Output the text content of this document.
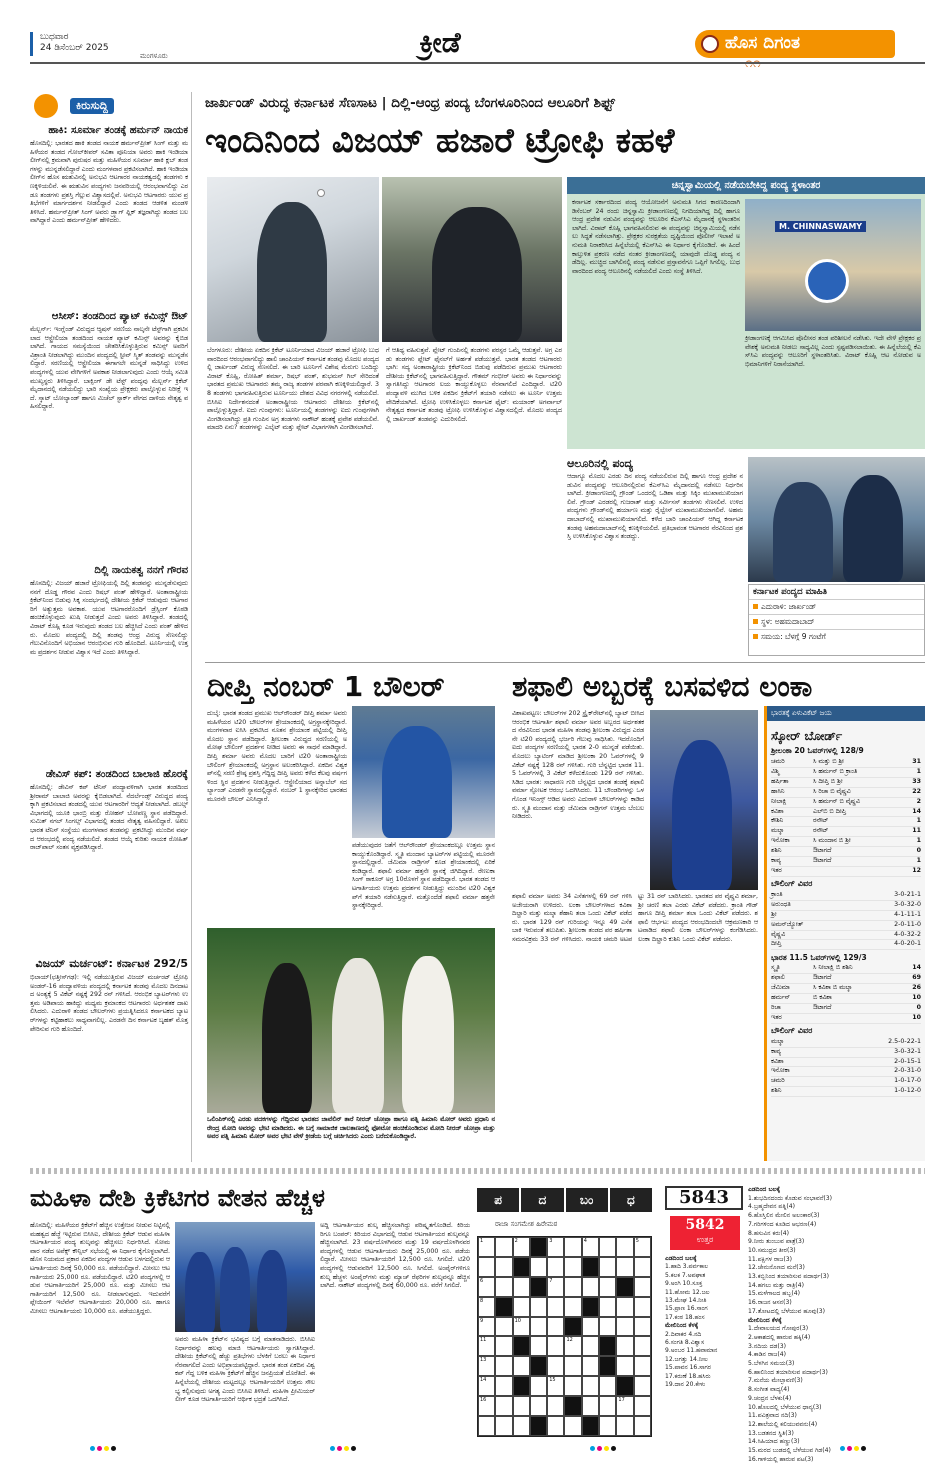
ಬುಧವಾರ
24 ಡಿಸೆಂಬರ್ 2025
ಮಂಗಳೂರು	ಕ್ರೀಡೆ	ಹೊಸ ದಿಗಂತ
ಕಿರುಸುದ್ದಿ
ಹಾಕಿ: ಸೂರ್ಮಾ ತಂಡಕ್ಕೆ ಹರ್ಮನ್ ನಾಯಕ
ಹೊಸದಿಲ್ಲಿ: ಭಾರತದ ಹಾಕಿ ತಂಡದ ನಾಯಕ ಹರ್ಮನ್‌ಪ್ರೀತ್ ಸಿಂಗ್ ಮತ್ತು ಮಹಿಳೆಯರ ತಂಡದ ಗೋಲ್‌ಕೀಪರ್ ಸವಿತಾ ಪೂನಿಯಾ ಅವರು ಹಾಕಿ ಇಂಡಿಯಾ ಲೀಗ್‌ನಲ್ಲಿ ಕ್ರಮವಾಗಿ ಪುರುಷರ ಮತ್ತು ಮಹಿಳೆಯರ ಸೂರ್ಮಾ ಹಾಕಿ ಕ್ಲಬ್ ತಂಡಗಳನ್ನು ಮುನ್ನಡೆಸಲಿದ್ದಾರೆ ಎಂದು ಮಂಗಳವಾರ ಪ್ರಕಟಿಸಲಾಗಿದೆ. ಹಾಕಿ ಇಂಡಿಯಾ ಲೀಗ್‌ನ ಹೊಸ ಋತುವಿನಲ್ಲಿ ಅನುಭವಿ ಆಟಗಾರರ ನಾಯಕತ್ವದಲ್ಲಿ ತಂಡಗಳು ಕಣಕ್ಕಿಳಿಯಲಿವೆ. ಈ ಋತುವಿನ ಪಂದ್ಯಗಳು ಜನವರಿಯಲ್ಲಿ ಆರಂಭವಾಗಲಿದ್ದು ಎರಡೂ ತಂಡಗಳು ಪ್ರಶಸ್ತಿ ಗೆಲ್ಲುವ ವಿಶ್ವಾಸದಲ್ಲಿವೆ. ಅನುಭವಿ ಆಟಗಾರರು ಯುವ ಪ್ರತಿಭೆಗಳಿಗೆ ಮಾರ್ಗದರ್ಶನ ನೀಡಲಿದ್ದಾರೆ ಎಂದು ತಂಡದ ಆಡಳಿತ ಮಂಡಳಿ ತಿಳಿಸಿದೆ. ಹರ್ಮನ್‌ಪ್ರೀತ್ ಸಿಂಗ್ ಅವರು ಡ್ರ್ಯಾಗ್ ಫ್ಲಿಕ್ ತಜ್ಞರಾಗಿದ್ದು ತಂಡದ ಬಲವಾಗಿದ್ದಾರೆ ಎಂದು ಹರ್ಮನ್‌ಪ್ರೀತ್ ಹೇಳಿದರು.
ಆಸೀಸ್: ತಂಡದಿಂದ ಪ್ಯಾಟ್ ಕಮಿನ್ಸ್ ಔಟ್
ಮೆಲ್ಬರ್ನ್: ಇಂಗ್ಲೆಂಡ್ ವಿರುದ್ಧದ ಆ್ಯಷಸ್ ಸರಣಿಯ ನಾಲ್ಕನೇ ಟೆಸ್ಟ್‌ಗಾಗಿ ಪ್ರಕಟಿಸಲಾದ ಆಸ್ಟ್ರೇಲಿಯಾ ತಂಡದಿಂದ ನಾಯಕ ಪ್ಯಾಟ್ ಕಮಿನ್ಸ್ ಅವರನ್ನು ಕೈಬಿಡಲಾಗಿದೆ. ಗಾಯದ ಸಮಸ್ಯೆಯಿಂದ ಚೇತರಿಸಿಕೊಳ್ಳುತ್ತಿರುವ ಕಮಿನ್ಸ್ ಅವರಿಗೆ ವಿಶ್ರಾಂತಿ ನೀಡಲಾಗಿದ್ದು ಮುಂದಿನ ಪಂದ್ಯದಲ್ಲಿ ಸ್ಟೀವ್ ಸ್ಮಿತ್ ತಂಡವನ್ನು ಮುನ್ನಡೆಸಲಿದ್ದಾರೆ. ಸರಣಿಯಲ್ಲಿ ಆಸ್ಟ್ರೇಲಿಯಾ ಈಗಾಗಲೇ ಮುನ್ನಡೆ ಸಾಧಿಸಿದ್ದು ಉಳಿದ ಪಂದ್ಯಗಳಲ್ಲಿ ಯುವ ವೇಗಿಗಳಿಗೆ ಅವಕಾಶ ನೀಡಲಾಗುವುದು ಎಂದು ಆಯ್ಕೆ ಸಮಿತಿ ಮುಖ್ಯಸ್ಥರು ತಿಳಿಸಿದ್ದಾರೆ. ಬಾಕ್ಸಿಂಗ್ ಡೇ ಟೆಸ್ಟ್ ಪಂದ್ಯವು ಮೆಲ್ಬರ್ನ್ ಕ್ರಿಕೆಟ್ ಮೈದಾನದಲ್ಲಿ ನಡೆಯಲಿದ್ದು ಭಾರಿ ಸಂಖ್ಯೆಯ ಪ್ರೇಕ್ಷಕರು ಪಾಲ್ಗೊಳ್ಳುವ ನಿರೀಕ್ಷೆ ಇದೆ. ಸ್ಕಾಟ್ ಬೋಲ್ಯಾಂಡ್ ಹಾಗೂ ಮಿಚೆಲ್ ಸ್ಟಾರ್ಕ್ ವೇಗದ ದಾಳಿಯ ನೇತೃತ್ವ ವಹಿಸಲಿದ್ದಾರೆ.
ದಿಲ್ಲಿ ನಾಯಕತ್ವ ನನಗೆ ಗೌರವ
ಹೊಸದಿಲ್ಲಿ: ವಿಜಯ್ ಹಜಾರೆ ಟ್ರೋಫಿಯಲ್ಲಿ ದಿಲ್ಲಿ ತಂಡವನ್ನು ಮುನ್ನಡೆಸುವುದು ನನಗೆ ದೊಡ್ಡ ಗೌರವ ಎಂದು ರಿಷಭ್ ಪಂತ್ ಹೇಳಿದ್ದಾರೆ. ಅಂತಾರಾಷ್ಟ್ರೀಯ ಕ್ರಿಕೆಟ್‌ನಿಂದ ಬಿಡುವು ಸಿಕ್ಕ ಸಂದರ್ಭದಲ್ಲಿ ದೇಶೀಯ ಕ್ರಿಕೆಟ್ ಆಡುವುದು ಆಟಗಾರರಿಗೆ ಅತ್ಯುತ್ತಮ ಅವಕಾಶ. ಯುವ ಆಟಗಾರರೊಂದಿಗೆ ಡ್ರೆಸ್ಸಿಂಗ್ ಕೊಠಡಿ ಹಂಚಿಕೊಳ್ಳುವುದು ಖುಷಿ ನೀಡುತ್ತದೆ ಎಂದು ಅವರು ತಿಳಿಸಿದ್ದಾರೆ. ತಂಡದಲ್ಲಿ ವಿರಾಟ್ ಕೊಹ್ಲಿ ಕೂಡ ಇರುವುದು ತಂಡದ ಬಲ ಹೆಚ್ಚಿಸಿದೆ ಎಂದು ಪಂತ್ ಹೇಳಿದರು. ಮೊದಲ ಪಂದ್ಯದಲ್ಲಿ ದಿಲ್ಲಿ ತಂಡವು ಆಂಧ್ರ ವಿರುದ್ಧ ಸೆಣಸಲಿದ್ದು ಗೆಲುವಿನೊಂದಿಗೆ ಅಭಿಯಾನ ಆರಂಭಿಸುವ ಗುರಿ ಹೊಂದಿದೆ. ಟೂರ್ನಿಯಲ್ಲಿ ಉತ್ತಮ ಪ್ರದರ್ಶನ ನೀಡುವ ವಿಶ್ವಾಸ ಇದೆ ಎಂದು ತಿಳಿಸಿದ್ದಾರೆ.
ಡೇವಿಸ್ ಕಪ್: ತಂಡದಿಂದ ಬಾಲಾಜಿ ಹೊರಕ್ಕೆ
ಹೊಸದಿಲ್ಲಿ: ಡೇವಿಸ್ ಕಪ್ ಟೆನಿಸ್ ಪಂದ್ಯಾವಳಿಗಾಗಿ ಭಾರತ ತಂಡದಿಂದ ಶ್ರೀರಾಮ್ ಬಾಲಾಜಿ ಅವರನ್ನು ಕೈಬಿಡಲಾಗಿದೆ. ನೆದರ್ಲೆಂಡ್ಸ್ ವಿರುದ್ಧದ ಪಂದ್ಯಕ್ಕಾಗಿ ಪ್ರಕಟಿಸಲಾದ ತಂಡದಲ್ಲಿ ಯುವ ಆಟಗಾರರಿಗೆ ಆದ್ಯತೆ ನೀಡಲಾಗಿದೆ. ಡಬಲ್ಸ್ ವಿಭಾಗದಲ್ಲಿ ಯೂಕಿ ಭಾಂಬ್ರಿ ಮತ್ತು ರೋಹನ್ ಬೋಪಣ್ಣ ಸ್ಥಾನ ಪಡೆದಿದ್ದಾರೆ. ಸುಮಿತ್ ನಗಲ್ ಸಿಂಗಲ್ಸ್ ವಿಭಾಗದಲ್ಲಿ ತಂಡದ ನೇತೃತ್ವ ವಹಿಸಲಿದ್ದಾರೆ. ಅಖಿಲ ಭಾರತ ಟೆನಿಸ್ ಸಂಸ್ಥೆಯು ಮಂಗಳವಾರ ತಂಡವನ್ನು ಪ್ರಕಟಿಸಿದ್ದು ಮುಂದಿನ ವರ್ಷದ ಆರಂಭದಲ್ಲಿ ಪಂದ್ಯ ನಡೆಯಲಿದೆ. ತಂಡದ ಆಯ್ಕೆ ಕುರಿತು ನಾಯಕ ರೋಹಿತ್ ರಾಜ್‌ಪಾಲ್ ಸಂತಸ ವ್ಯಕ್ತಪಡಿಸಿದ್ದಾರೆ.
ವಿಜಯ್ ಮರ್ಚಂಟ್: ಕರ್ನಾಟಕ 292/5
ಭಿಲಾಯ್(ಛತ್ತೀಸ್‌ಗಢ): ಇಲ್ಲಿ ನಡೆಯುತ್ತಿರುವ ವಿಜಯ್ ಮರ್ಚಂಟ್ ಟ್ರೋಫಿ ಅಂಡರ್-16 ಪಂದ್ಯಾವಳಿಯ ಪಂದ್ಯದಲ್ಲಿ ಕರ್ನಾಟಕ ತಂಡವು ಮೊದಲ ದಿನದಾಟದ ಅಂತ್ಯಕ್ಕೆ 5 ವಿಕೆಟ್ ನಷ್ಟಕ್ಕೆ 292 ರನ್ ಗಳಿಸಿದೆ. ಆರಂಭಿಕ ಬ್ಯಾಟರ್‌ಗಳು ಉತ್ತಮ ಅಡಿಪಾಯ ಹಾಕಿದ್ದು ಮಧ್ಯಮ ಕ್ರಮಾಂಕದ ಆಟಗಾರರು ಅರ್ಧಶತಕ ದಾಖಲಿಸಿದರು. ಎದುರಾಳಿ ತಂಡದ ಬೌಲರ್‌ಗಳು ಪ್ರಯತ್ನಿಸಿದರೂ ಕರ್ನಾಟಕದ ಬ್ಯಾಟರ್‌ಗಳನ್ನು ಕಟ್ಟಿಹಾಕಲು ಸಾಧ್ಯವಾಗಲಿಲ್ಲ. ಎರಡನೇ ದಿನ ಕರ್ನಾಟಕ ಬೃಹತ್ ಮೊತ್ತ ಪೇರಿಸುವ ಗುರಿ ಹೊಂದಿದೆ.
ಜಾರ್ಖಂಡ್ ವಿರುದ್ಧ ಕರ್ನಾಟಕ ಸೆಣಸಾಟ | ದಿಲ್ಲಿ-ಆಂಧ್ರ ಪಂದ್ಯ ಬೆಂಗಳೂರಿನಿಂದ ಆಲೂರಿಗೆ ಶಿಫ್ಟ್
ಇಂದಿನಿಂದ ವಿಜಯ್ ಹಜಾರೆ ಟ್ರೋಫಿ ಕಹಳೆ
ಬೆಂಗಳೂರು: ದೇಶೀಯ ಏಕದಿನ ಕ್ರಿಕೆಟ್ ಟೂರ್ನಿಯಾದ ವಿಜಯ್ ಹಜಾರೆ ಟ್ರೋಫಿ ಬುಧವಾರದಿಂದ ಆರಂಭವಾಗಲಿದ್ದು ಹಾಲಿ ಚಾಂಪಿಯನ್ ಕರ್ನಾಟಕ ತಂಡವು ಮೊದಲ ಪಂದ್ಯದಲ್ಲಿ ಜಾರ್ಖಂಡ್ ವಿರುದ್ಧ ಸೆಣಸಲಿದೆ. ಈ ಬಾರಿ ಟೂರ್ನಿಗೆ ವಿಶೇಷ ಮೆರುಗು ಬಂದಿದ್ದು ವಿರಾಟ್ ಕೊಹ್ಲಿ, ರೋಹಿತ್ ಶರ್ಮಾ, ರಿಷಭ್ ಪಂತ್, ಶುಭಮನ್ ಗಿಲ್ ಸೇರಿದಂತೆ ಭಾರತದ ಪ್ರಮುಖ ಆಟಗಾರರು ತಮ್ಮ ರಾಜ್ಯ ತಂಡಗಳ ಪರವಾಗಿ ಕಣಕ್ಕಿಳಿಯಲಿದ್ದಾರೆ. 38 ತಂಡಗಳು ಭಾಗವಹಿಸುತ್ತಿರುವ ಟೂರ್ನಿಯು ದೇಶದ ವಿವಿಧ ನಗರಗಳಲ್ಲಿ ನಡೆಯಲಿದೆ. ಬಿಸಿಸಿಐ ನಿರ್ದೇಶನದಂತೆ ಅಂತಾರಾಷ್ಟ್ರೀಯ ಆಟಗಾರರು ದೇಶೀಯ ಕ್ರಿಕೆಟ್‌ನಲ್ಲಿ ಪಾಲ್ಗೊಳ್ಳುತ್ತಿದ್ದಾರೆ. ಐದು ಗುಂಪುಗಳು: ಟೂರ್ನಿಯಲ್ಲಿ ತಂಡಗಳನ್ನು ಐದು ಗುಂಪುಗಳಾಗಿ ವಿಂಗಡಿಸಲಾಗಿದ್ದು ಪ್ರತಿ ಗುಂಪಿನ ಅಗ್ರ ತಂಡಗಳು ನಾಕೌಟ್ ಹಂತಕ್ಕೆ ಪ್ರವೇಶ ಪಡೆಯಲಿವೆ. ಮಾದರಿ ಏನು? ತಂಡಗಳನ್ನು ಎಲೈಟ್ ಮತ್ತು ಪ್ಲೇಟ್ ವಿಭಾಗಗಳಾಗಿ ವಿಂಗಡಿಸಲಾಗಿದೆ.
ಗೆ ಆತಿಥ್ಯ ವಹಿಸುತ್ತವೆ. ಪ್ಲೇಟ್ ಗುಂಪಿನಲ್ಲಿ ತಂಡಗಳು ಪರಸ್ಪರ ಒಮ್ಮೆ ಆಡುತ್ತವೆ. ಅಗ್ರ ಎರಡು ತಂಡಗಳು ಪ್ಲೇಟ್ ಫೈನಲ್‌ಗೆ ಅರ್ಹತೆ ಪಡೆಯುತ್ತವೆ. ಭಾರತ ತಂಡದ ಆಟಗಾರರು ಭಾಗಿ: ಸದ್ಯ ಅಂತಾರಾಷ್ಟ್ರೀಯ ಕ್ರಿಕೆಟ್‌ನಿಂದ ಬಿಡುವು ಪಡೆದಿರುವ ಪ್ರಮುಖ ಆಟಗಾರರು ದೇಶೀಯ ಕ್ರಿಕೆಟ್‌ನಲ್ಲಿ ಭಾಗವಹಿಸುತ್ತಿದ್ದಾರೆ. ಗೌತಮ್ ಗಂಭೀರ್ ಅವರು ಈ ನಿರ್ಧಾರವನ್ನು ಸ್ವಾಗತಿಸಿದ್ದು ಆಟಗಾರರ ಲಯ ಕಾಯ್ದುಕೊಳ್ಳಲು ನೆರವಾಗಲಿದೆ ಎಂದಿದ್ದಾರೆ. ಟಿ20 ಪಂದ್ಯಾವಳಿ ಮುಗಿದ ಬಳಿಕ ಏಕದಿನ ಕ್ರಿಕೆಟ್‌ಗೆ ತಯಾರಿ ನಡೆಸಲು ಈ ಟೂರ್ನಿ ಉತ್ತಮ ವೇದಿಕೆಯಾಗಿದೆ. ಟ್ರೋಫಿ ಉಳಿಸಿಕೊಳ್ಳಲು ಕರ್ನಾಟಕ ಫೈಟ್: ಮಯಾಂಕ್ ಅಗರ್ವಾಲ್ ನೇತೃತ್ವದ ಕರ್ನಾಟಕ ತಂಡವು ಟ್ರೋಫಿ ಉಳಿಸಿಕೊಳ್ಳುವ ವಿಶ್ವಾಸದಲ್ಲಿದೆ. ಮೊದಲ ಪಂದ್ಯದಲ್ಲಿ ಜಾರ್ಖಂಡ್ ತಂಡವನ್ನು ಎದುರಿಸಲಿದೆ.
ಚಿನ್ನಸ್ವಾಮಿಯಲ್ಲಿ ನಡೆಯಬೇಕಿದ್ದ ಪಂದ್ಯ ಸ್ಥಳಾಂತರ
ಕರ್ನಾಟಕ ಸರ್ಕಾರದಿಂದ ಪಂದ್ಯ ಆಯೋಜನೆಗೆ ಅನುಮತಿ ಸಿಗದ ಕಾರಣದಿಂದಾಗಿ ಡಿಸೆಂಬರ್ 24 ರಂದು ಚಿನ್ನಸ್ವಾಮಿ ಕ್ರೀಡಾಂಗಣದಲ್ಲಿ ನಿಗದಿಯಾಗಿದ್ದ ದಿಲ್ಲಿ ಹಾಗೂ ಆಂಧ್ರ ಪ್ರದೇಶ ನಡುವಿನ ಪಂದ್ಯವನ್ನು ಆಲೂರಿನ ಕೆಎಸ್‌ಸಿಎ ಮೈದಾನಕ್ಕೆ ಸ್ಥಳಾಂತರಿಸಲಾಗಿದೆ. ವಿರಾಟ್ ಕೊಹ್ಲಿ ಭಾಗವಹಿಸಲಿರುವ ಈ ಪಂದ್ಯವನ್ನು ಚಿನ್ನಸ್ವಾಮಿಯಲ್ಲಿ ನಡೆಸಲು ಸಿದ್ಧತೆ ನಡೆಸಲಾಗಿತ್ತು. ಪ್ರೇಕ್ಷಕರ ಸುರಕ್ಷತೆಯ ದೃಷ್ಟಿಯಿಂದ ಪೊಲೀಸ್ ಇಲಾಖೆ ಅನುಮತಿ ನಿರಾಕರಿಸಿದ ಹಿನ್ನೆಲೆಯಲ್ಲಿ ಕೆಎಸ್‌ಸಿಎ ಈ ನಿರ್ಧಾರ ಕೈಗೊಂಡಿದೆ. ಈ ಹಿಂದೆ ಕಾಲ್ತುಳಿತ ಪ್ರಕರಣ ನಡೆದ ನಂತರ ಕ್ರೀಡಾಂಗಣದಲ್ಲಿ ಯಾವುದೇ ದೊಡ್ಡ ಪಂದ್ಯ ನಡೆದಿಲ್ಲ. ಮುಚ್ಚಿದ ಬಾಗಿಲಿನಲ್ಲಿ ಪಂದ್ಯ ನಡೆಸುವ ಪ್ರಸ್ತಾವನೆಗೂ ಒಪ್ಪಿಗೆ ಸಿಗಲಿಲ್ಲ. ಬುಧವಾರದಿಂದ ಪಂದ್ಯ ಆಲೂರಿನಲ್ಲಿ ನಡೆಯಲಿದೆ ಎಂದು ಸಂಸ್ಥೆ ತಿಳಿಸಿದೆ.
M. CHINNASWAMY
ಕ್ರೀಡಾಂಗಣಕ್ಕೆ ಆಗಮಿಸಿದ ಪೊಲೀಸರ ತಂಡ ಪರಿಶೀಲನೆ ನಡೆಸಿತು. ಇದೇ ವೇಳೆ ಪ್ರೇಕ್ಷಕರ ಪ್ರವೇಶಕ್ಕೆ ಅನುಮತಿ ನೀಡಲು ಸಾಧ್ಯವಿಲ್ಲ ಎಂದು ಸ್ಪಷ್ಟಪಡಿಸಲಾಯಿತು. ಈ ಹಿನ್ನೆಲೆಯಲ್ಲಿ ಕೆಎಸ್‌ಸಿಎ ಪಂದ್ಯವನ್ನು ಆಲೂರಿಗೆ ಸ್ಥಳಾಂತರಿಸಿತು. ವಿರಾಟ್ ಕೊಹ್ಲಿ ಆಟ ನೋಡುವ ಅಭಿಮಾನಿಗಳಿಗೆ ನಿರಾಸೆಯಾಗಿದೆ.
ಆಲೂರಿನಲ್ಲಿ ಪಂದ್ಯ
ಆದಾಗ್ಯೂ ಮೊದಲ ಎರಡು ದಿನ ಪಂದ್ಯ ನಡೆಯಲಿರುವ ದಿಲ್ಲಿ ಹಾಗೂ ಆಂಧ್ರ ಪ್ರದೇಶ ನಡುವಿನ ಪಂದ್ಯವನ್ನು ಆಲೂರಿನಲ್ಲಿರುವ ಕೆಎಸ್‌ಸಿಎ ಮೈದಾನದಲ್ಲಿ ನಡೆಸಲು ನಿರ್ಧರಿಸಲಾಗಿದೆ. ಕ್ರೀಡಾಂಗಣದಲ್ಲಿ ಗ್ರೌಂಡ್ ಒಂದರಲ್ಲಿ ಒಡಿಶಾ ಮತ್ತು ಸಿಕ್ಕಿಂ ಮುಖಾಮುಖಿಯಾಗಲಿವೆ. ಗ್ರೌಂಡ್ ಎರಡರಲ್ಲಿ ಗುಜರಾತ್ ಮತ್ತು ಸರ್ವೀಸಸ್ ತಂಡಗಳು ಸೆಣಸಲಿವೆ. ಉಳಿದ ಪಂದ್ಯಗಳು ಗ್ರೌಂಡ್‌ನಲ್ಲಿ ಹರ್ಯಾಣ ಮತ್ತು ರೈಲ್ವೇಸ್ ಮುಖಾಮುಖಿಯಾಗಲಿವೆ. ಅಹಮದಾಬಾದ್‌ನಲ್ಲಿ ಮುಖಾಮುಖಿಯಾಗಲಿದೆ. ಕಳೆದ ಬಾರಿ ಚಾಂಪಿಯನ್ ಆಗಿದ್ದ ಕರ್ನಾಟಕ ತಂಡವು ಅಹಮದಾಬಾದ್‌ನಲ್ಲಿ ಕಣಕ್ಕಿಳಿಯಲಿದೆ. ಪ್ರತಿಭಾವಂತ ಆಟಗಾರರ ನೆರವಿನಿಂದ ಪ್ರಶಸ್ತಿ ಉಳಿಸಿಕೊಳ್ಳುವ ವಿಶ್ವಾಸ ತಂಡದ್ದು.
ಕರ್ನಾಟಕ ಪಂದ್ಯದ ಮಾಹಿತಿ
ಎದುರಾಳಿ: ಜಾರ್ಖಂಡ್
ಸ್ಥಳ: ಅಹಮದಾಬಾದ್
ಸಮಯ: ಬೆಳಗ್ಗೆ 9 ಗಂಟೆಗೆ
ದೀಪ್ತಿ ನಂಬರ್ 1 ಬೌಲರ್
ದುಬೈ: ಭಾರತ ತಂಡದ ಪ್ರಮುಖ ಆಲ್‌ರೌಂಡರ್ ದೀಪ್ತಿ ಶರ್ಮಾ ಅವರು ಮಹಿಳೆಯರ ಟಿ20 ಬೌಲರ್‌ಗಳ ಶ್ರೇಯಾಂಕದಲ್ಲಿ ಅಗ್ರಸ್ಥಾನಕ್ಕೇರಿದ್ದಾರೆ. ಮಂಗಳವಾರ ಐಸಿಸಿ ಪ್ರಕಟಿಸಿದ ನೂತನ ಶ್ರೇಯಾಂಕ ಪಟ್ಟಿಯಲ್ಲಿ ದೀಪ್ತಿ ಮೊದಲ ಸ್ಥಾನ ಪಡೆದಿದ್ದಾರೆ. ಶ್ರೀಲಂಕಾ ವಿರುದ್ಧದ ಸರಣಿಯಲ್ಲಿ ಅಮೋಘ ಬೌಲಿಂಗ್ ಪ್ರದರ್ಶನ ನೀಡಿದ ಅವರು ಈ ಸಾಧನೆ ಮಾಡಿದ್ದಾರೆ. ದೀಪ್ತಿ ಶರ್ಮಾ ಅವರು ಮೊದಲ ಬಾರಿಗೆ ಟಿ20 ಅಂತಾರಾಷ್ಟ್ರೀಯ ಬೌಲಿಂಗ್ ಶ್ರೇಯಾಂಕದಲ್ಲಿ ಅಗ್ರಸ್ಥಾನ ಅಲಂಕರಿಸಿದ್ದಾರೆ. ಏಕದಿನ ವಿಶ್ವಕಪ್‌ನಲ್ಲಿ ಸರಣಿ ಶ್ರೇಷ್ಠ ಪ್ರಶಸ್ತಿ ಗೆದ್ದಿದ್ದ ದೀಪ್ತಿ ಅವರು ಕಳೆದ ಕೆಲವು ವರ್ಷಗಳಿಂದ ಸ್ಥಿರ ಪ್ರದರ್ಶನ ನೀಡುತ್ತಿದ್ದಾರೆ. ಆಸ್ಟ್ರೇಲಿಯಾದ ಅನ್ನಾಬೆಲ್ ಸದರ್ಲ್ಯಾಂಡ್ ಎರಡನೇ ಸ್ಥಾನದಲ್ಲಿದ್ದಾರೆ. ನಂಬರ್ 1 ಸ್ಥಾನಕ್ಕೇರಿದ ಭಾರತದ ಮೂರನೇ ಬೌಲರ್ ಎನಿಸಿದ್ದಾರೆ.
ಪಡೆಯುವುದರ ಜತೆಗೆ ಆಲ್‌ರೌಂಡರ್ ಶ್ರೇಯಾಂಕದಲ್ಲೂ ಉತ್ತಮ ಸ್ಥಾನ ಕಾಯ್ದುಕೊಂಡಿದ್ದಾರೆ. ಸ್ಮೃತಿ ಮಂದಾನ ಬ್ಯಾಟರ್‌ಗಳ ಪಟ್ಟಿಯಲ್ಲಿ ಮೂರನೇ ಸ್ಥಾನದಲ್ಲಿದ್ದಾರೆ. ಜೆಮಿಮಾ ರಾಡ್ರಿಗಸ್ ಕೂಡ ಶ್ರೇಯಾಂಕದಲ್ಲಿ ಏರಿಕೆ ಕಂಡಿದ್ದಾರೆ. ಶಫಾಲಿ ವರ್ಮಾ ಹತ್ತನೇ ಸ್ಥಾನಕ್ಕೆ ಜಿಗಿದಿದ್ದಾರೆ. ರೇಣುಕಾ ಸಿಂಗ್ ಠಾಕೂರ್ ಅಗ್ರ 10ರೊಳಗೆ ಸ್ಥಾನ ಪಡೆದಿದ್ದಾರೆ. ಭಾರತ ತಂಡದ ಆಟಗಾರ್ತಿಯರು ಉತ್ತಮ ಪ್ರದರ್ಶನ ನೀಡುತ್ತಿದ್ದು ಮುಂದಿನ ಟಿ20 ವಿಶ್ವಕಪ್‌ಗೆ ತಯಾರಿ ನಡೆಸುತ್ತಿದ್ದಾರೆ. ಮತ್ತೊಂದೆಡೆ ಶಫಾಲಿ ವರ್ಮಾ ಹತ್ತನೇ ಸ್ಥಾನಕ್ಕೇರಿದ್ದಾರೆ.
ಒಲಿಂಪಿಕ್‌ನಲ್ಲಿ ಎರಡು ಪದಕಗಳನ್ನು ಗೆದ್ದಿರುವ ಭಾರತದ ಜಾವೆಲಿನ್ ತಾರೆ ನೀರಜ್ ಚೋಪ್ರಾ ಹಾಗೂ ಪತ್ನಿ ಹಿಮಾನಿ ಮೋರ್ ಅವರು ಪ್ರಧಾನಿ ನರೇಂದ್ರ ಮೋದಿ ಅವರನ್ನು ಭೇಟಿ ಮಾಡಿದರು. ಈ ಬಗ್ಗೆ ಸಾಮಾಜಿಕ ಜಾಲತಾಣದಲ್ಲಿ ಫೋಟೋ ಹಂಚಿಕೊಂಡಿರುವ ಮೋದಿ ನೀರಜ್ ಚೋಪ್ರಾ ಮತ್ತು ಅವರ ಪತ್ನಿ ಹಿಮಾನಿ ಮೋರ್ ಅವರ ಭೇಟಿ ವೇಳೆ ಕ್ರೀಡೆಯ ಬಗ್ಗೆ ಚರ್ಚಿಸಿದರು ಎಂದು ಬರೆದುಕೊಂಡಿದ್ದಾರೆ.
ಶಫಾಲಿ ಅಬ್ಬರಕ್ಕೆ ಬಸವಳಿದ ಲಂಕಾ
ವಿಶಾಖಪಟ್ಟಣ: ಬೌಲರ್‌ಗಳ 202 ಸ್ಟ್ರೈಕ್‌ರೇಟ್‌ನಲ್ಲಿ ಬ್ಯಾಟ್ ಬೀಸಿದ ಆರಂಭಿಕ ಆಟಗಾರ್ತಿ ಶಫಾಲಿ ವರ್ಮಾ ಅವರ ಅಬ್ಬರದ ಅರ್ಧಶತಕದ ನೆರವಿನಿಂದ ಭಾರತ ಮಹಿಳಾ ತಂಡವು ಶ್ರೀಲಂಕಾ ವಿರುದ್ಧದ ಎರಡನೇ ಟಿ20 ಪಂದ್ಯದಲ್ಲಿ ಭರ್ಜರಿ ಗೆಲುವು ಸಾಧಿಸಿತು. ಇದರೊಂದಿಗೆ ಐದು ಪಂದ್ಯಗಳ ಸರಣಿಯಲ್ಲಿ ಭಾರತ 2-0 ಮುನ್ನಡೆ ಪಡೆಯಿತು. ಮೊದಲು ಬ್ಯಾಟಿಂಗ್ ಮಾಡಿದ ಶ್ರೀಲಂಕಾ 20 ಓವರ್‌ಗಳಲ್ಲಿ 9 ವಿಕೆಟ್ ನಷ್ಟಕ್ಕೆ 128 ರನ್ ಗಳಿಸಿತು. ಗುರಿ ಬೆನ್ನಟ್ಟಿದ ಭಾರತ 11.5 ಓವರ್‌ಗಳಲ್ಲಿ 3 ವಿಕೆಟ್ ಕಳೆದುಕೊಂಡು 129 ರನ್ ಗಳಿಸಿತು. ಸಿಡಿದ ಭಾರತ: ಸಾಧಾರಣ ಗುರಿ ಬೆನ್ನಟ್ಟಿದ ಭಾರತ ತಂಡಕ್ಕೆ ಶಫಾಲಿ ವರ್ಮಾ ಸ್ಫೋಟಕ ಆರಂಭ ಒದಗಿಸಿದರು. 11 ಬೌಂಡರಿಗಳನ್ನು ಒಳಗೊಂಡ ಇನಿಂಗ್ಸ್ ಆಡಿದ ಅವರು ಎದುರಾಳಿ ಬೌಲರ್‌ಗಳನ್ನು ಕಾಡಿದರು. ಸ್ಮೃತಿ ಮಂದಾನ ಮತ್ತು ಜೆಮಿಮಾ ರಾಡ್ರಿಗಸ್ ಉತ್ತಮ ಬೆಂಬಲ ನೀಡಿದರು.
ಶಫಾಲಿ ವರ್ಮಾ ಅವರು 34 ಎಸೆತಗಳಲ್ಲಿ 69 ರನ್ ಗಳಿಸಿ ಅಜೇಯರಾಗಿ ಉಳಿದರು. ಲಂಕಾ ಬೌಲರ್‌ಗಳಾದ ಕವಿಶಾ ದಿಲ್ಹಾರಿ ಮತ್ತು ಮಲ್ಶಾ ಶೆಹಾನಿ ತಲಾ ಒಂದು ವಿಕೆಟ್ ಪಡೆದರು. ಭಾರತ 129 ರನ್ ಗುರಿಯನ್ನು ಇನ್ನೂ 49 ಎಸೆತ ಬಾಕಿ ಇರುವಂತೆ ತಲುಪಿತು. ಶ್ರೀಲಂಕಾ ತಂಡದ ಪರ ಹರ್ಷಿತಾ ಸಮರವಿಕ್ರಮ 33 ರನ್ ಗಳಿಸಿದರು. ನಾಯಕಿ ಚಮರಿ ಅಟಪಟ್ಟು 31 ರನ್ ಬಾರಿಸಿದರು. ಭಾರತದ ಪರ ವೈಷ್ಣವಿ ಶರ್ಮಾ, ಶ್ರೀ ಚರಣಿ ತಲಾ ಎರಡು ವಿಕೆಟ್ ಪಡೆದರು. ಕ್ರಾಂತಿ ಗೌಡ್ ಹಾಗೂ ದೀಪ್ತಿ ಶರ್ಮಾ ತಲಾ ಒಂದು ವಿಕೆಟ್ ಪಡೆದರು. ಶಫಾಲಿ ಆರ್ಭಟ: ಪಂದ್ಯದ ಆರಂಭದಿಂದಲೇ ಆಕ್ರಮಣಕಾರಿ ಆಟವಾಡಿದ ಶಫಾಲಿ ಲಂಕಾ ಬೌಲರ್‌ಗಳನ್ನು ಕಂಗೆಡಿಸಿದರು. ಲಂಕಾ ದಿಲ್ಹಾರಿ ಕುಶಿನಿ ಒಂದು ವಿಕೆಟ್ ಪಡೆದರು.
ಭಾರತಕ್ಕೆ ಏಳುವಿಕೆಟ್ ಜಯ
ಸ್ಕೋರ್ ಬೋರ್ಡ್
ಶ್ರೀಲಂಕಾ 20 ಓವರ್‌ಗಳಲ್ಲಿ 128/9
ಚಮರಿ	ಸಿ ಮತ್ತು ಬಿ ಶ್ರೀ	31
ವಿಶ್ಮಿ	ಸಿ ಹರ್ಮನ್ ಬಿ ಕ್ರಾಂತಿ	1
ಹರ್ಷಿತಾ	ಸಿ ದೀಪ್ತಿ ಬಿ ಶ್ರೀ	33
ಹಾಸಿನಿ	ಸಿ ರಿಚಾ ಬಿ ವೈಷ್ಣವಿ	22
ನೀಲಾಕ್ಷಿ	ಸಿ ಹರ್ಮನ್ ಬಿ ವೈಷ್ಣವಿ	2
ಕವಿಶಾ	ಎಲ್‌ಬಿ ಬಿ ದೀಪ್ತಿ	14
ಕೌಶಿನಿ	ರನೌಟ್	1
ಮಲ್ಶಾ	ರನೌಟ್	11
ಇನೋಕಾ	ಸಿ ಮಂದಾನ ಬಿ ಶ್ರೀ	1
ಶಶಿನಿ	ಔಟಾಗದೆ	0
ಕಾವ್ಯ	ಔಟಾಗದೆ	1
ಇತರ	12
ಬೌಲಿಂಗ್ ವಿವರ
ಕ್ರಾಂತಿ	3-0-21-1
ಅರುಂಧತಿ	3-0-32-0
ಶ್ರೀ	4-1-11-1
ಅಮನ್‌ಜ್ಯೋತ್	2-0-11-0
ವೈಷ್ಣವಿ	4-0-32-2
ದೀಪ್ತಿ	4-0-20-1
ಭಾರತ 11.5 ಓವರ್‌ಗಳಲ್ಲಿ 129/3
ಸ್ಮೃತಿ	ಸಿ ನೀಲಾಕ್ಷಿ ಬಿ ಶಶಿನಿ	14
ಶಫಾಲಿ	ಔಟಾಗದೆ	69
ಜೆಮಿಮಾ	ಸಿ ಕವಿಶಾ ಬಿ ಮಲ್ಶಾ	26
ಹರ್ಮನ್	ಬಿ ಕವಿಶಾ	10
ರಿಚಾ	ಔಟಾಗದೆ	0
ಇತರ	10
ಬೌಲಿಂಗ್ ವಿವರ
ಮಲ್ಶಾ	2.5-0-22-1
ಕಾವ್ಯ	3-0-32-1
ಕವಿಶಾ	2-0-15-1
ಇನೋಕಾ	2-0-31-0
ಚಮರಿ	1-0-17-0
ಶಶಿನಿ	1-0-12-0
ಮಹಿಳಾ ದೇಶಿ ಕ್ರಿಕೆಟಿಗರ ವೇತನ ಹೆಚ್ಚಳ
ಹೊಸದಿಲ್ಲಿ: ಮಹಿಳೆಯರ ಕ್ರಿಕೆಟ್‌ಗೆ ಹೆಚ್ಚಿನ ಉತ್ತೇಜನ ನೀಡುವ ನಿಟ್ಟಿನಲ್ಲಿ ಮಹತ್ವದ ಹೆಜ್ಜೆ ಇಟ್ಟಿರುವ ಬಿಸಿಸಿಐ, ದೇಶೀಯ ಕ್ರಿಕೆಟ್ ಆಡುವ ಮಹಿಳಾ ಆಟಗಾರ್ತಿಯರ ಪಂದ್ಯ ಶುಲ್ಕವನ್ನು ಹೆಚ್ಚಿಸಲು ನಿರ್ಧರಿಸಿದೆ. ಸೋಮವಾರ ನಡೆದ ಅಪೆಕ್ಸ್ ಕೌನ್ಸಿಲ್ ಸಭೆಯಲ್ಲಿ ಈ ನಿರ್ಧಾರ ಕೈಗೊಳ್ಳಲಾಗಿದೆ. ಹೊಸ ನಿಯಮದ ಪ್ರಕಾರ ಏಕದಿನ ಪಂದ್ಯಗಳ ಆಡುವ ಬಳಗದಲ್ಲಿರುವ ಆಟಗಾರ್ತಿಯರು ದಿನಕ್ಕೆ 50,000 ರೂ. ಪಡೆಯಲಿದ್ದಾರೆ. ಮೀಸಲು ಆಟಗಾರ್ತಿಯರು 25,000 ರೂ. ಪಡೆಯಲಿದ್ದಾರೆ. ಟಿ20 ಪಂದ್ಯಗಳಲ್ಲಿ ಆಡುವ ಆಟಗಾರ್ತಿಯರಿಗೆ 25,000 ರೂ. ಮತ್ತು ಮೀಸಲು ಆಟಗಾರ್ತಿಯರಿಗೆ 12,500 ರೂ. ನೀಡಲಾಗುವುದು. ಇದುವರೆಗೆ ಪ್ಲೇಯಿಂಗ್ ಇಲೆವೆನ್ ಆಟಗಾರ್ತಿಯರು 20,000 ರೂ. ಹಾಗೂ ಮೀಸಲು ಆಟಗಾರ್ತಿಯರು 10,000 ರೂ. ಪಡೆಯುತ್ತಿದ್ದರು.
ಅವರು ಮಹಿಳಾ ಕ್ರಿಕೆಟ್‌ನ ಭವಿಷ್ಯದ ಬಗ್ಗೆ ಮಾತನಾಡಿದರು. ಬಿಸಿಸಿಐ ನಿರ್ಧಾರವನ್ನು ಹಲವು ಮಾಜಿ ಆಟಗಾರ್ತಿಯರು ಸ್ವಾಗತಿಸಿದ್ದಾರೆ. ದೇಶೀಯ ಕ್ರಿಕೆಟ್‌ನಲ್ಲಿ ಹೆಚ್ಚು ಪ್ರತಿಭೆಗಳು ಬೆಳಕಿಗೆ ಬರಲು ಈ ನಿರ್ಧಾರ ನೆರವಾಗಲಿದೆ ಎಂದು ಅಭಿಪ್ರಾಯಪಟ್ಟಿದ್ದಾರೆ. ಭಾರತ ತಂಡ ಏಕದಿನ ವಿಶ್ವಕಪ್ ಗೆದ್ದ ಬಳಿಕ ಮಹಿಳಾ ಕ್ರಿಕೆಟ್‌ಗೆ ಹೆಚ್ಚಿನ ಜನಪ್ರಿಯತೆ ದೊರೆತಿದೆ. ಈ ಹಿನ್ನೆಲೆಯಲ್ಲಿ ದೇಶೀಯ ಮಟ್ಟದಲ್ಲೂ ಆಟಗಾರ್ತಿಯರಿಗೆ ಉತ್ತಮ ಸೌಲಭ್ಯ ಕಲ್ಪಿಸುವುದು ಅಗತ್ಯ ಎಂದು ಬಿಸಿಸಿಐ ತಿಳಿಸಿದೆ. ಮಹಿಳಾ ಪ್ರೀಮಿಯರ್ ಲೀಗ್ ಕೂಡ ಆಟಗಾರ್ತಿಯರಿಗೆ ಆರ್ಥಿಕ ಭದ್ರತೆ ಒದಗಿಸಿದೆ.
ಅದ್ದಿ ಆಟಗಾರ್ತಿಯರ ಶುಲ್ಕ ಹೆಚ್ಚಿಸಲಾಗಿದ್ದು ಪರಿಷ್ಕೃತಗೊಂಡಿದೆ. ಕಿರಿಯರಿಗೂ ಬಂಪರ್: ಕಿರಿಯರ ವಿಭಾಗದಲ್ಲಿ ಆಡುವ ಆಟಗಾರ್ತಿಯರ ಶುಲ್ಕವನ್ನೂ ಹೆಚ್ಚಿಸಲಾಗಿದೆ. 23 ವರ್ಷದೊಳಗಿನವರ ಮತ್ತು 19 ವರ್ಷದೊಳಗಿನವರ ಪಂದ್ಯಗಳಲ್ಲಿ ಆಡುವ ಆಟಗಾರ್ತಿಯರು ದಿನಕ್ಕೆ 25,000 ರೂ. ಪಡೆಯಲಿದ್ದಾರೆ. ಮೀಸಲು ಆಟಗಾರ್ತಿಯರಿಗೆ 12,500 ರೂ. ಸಿಗಲಿದೆ. ಟಿ20 ಪಂದ್ಯಗಳಲ್ಲಿ ಆಡುವವರಿಗೆ 12,500 ರೂ. ಸಿಗಲಿದೆ. ಅಂಪೈರ್‌ಗಳಿಗೂ ಶುಲ್ಕ ಹೆಚ್ಚಳ: ಅಂಪೈರ್‌ಗಳು ಮತ್ತು ಮ್ಯಾಚ್ ರೆಫರಿಗಳ ಶುಲ್ಕವನ್ನೂ ಹೆಚ್ಚಿಸಲಾಗಿದೆ. ನಾಕೌಟ್ ಪಂದ್ಯಗಳಲ್ಲಿ ದಿನಕ್ಕೆ 60,000 ರೂ. ವರೆಗೆ ಸಿಗಲಿದೆ.
ಪ	ದ	ಬಂ	ಧ
ರಾಜಾ ಸಂಗಮೇಶ ಹಿರೇಮಠ
1	2	3	4	5
6	7
8
9	10
11	12
13
14	15
16	17
5843
5842
ಉತ್ತರ
ಎಡದಿಂದ ಬಲಕ್ಕೆ
1.ಹಾದಿ 3.ಪರ್ವಕಾಲ
5.ಕಲಕ 7.ಅಪಘಾತ
9.ಅಂಗಿ 10.ಸೂಕ್ತ
11.ಹೋಮ 12.ಜಲ
13.ಮೇಘ 14.ನೀತಿ
15.ಪ್ರಾಣ 16.ಸಾಂಗ
17.ಕಂಠ 18.ಹಂಸ
ಮೇಲಿನಿಂದ ಕೆಳಕ್ಕೆ
2.ದಿವಾಕರ 4.ನದಿ
6.ಸಂಗತಿ 8.ವಿಶ್ವಾಸ
9.ಅಂಬರ 11.ಹವಾಮಾನ
12.ಜಗತ್ತು 14.ನೀಲ
15.ಪಾವನ 16.ಸಾಗರ
17.ಕರುಣೆ 18.ಹಸಿರು
19.ದಾನ 20.ಕೇಳು
ಎಡದಿಂದ ಬಲಕ್ಕೆ
1.ಶುಭದಿನದಂದು ಕೊಡುವ ಸಂಭಾವನೆ(3)
4.ಬ್ರಹ್ಮದೇವನ ಪತ್ನಿ(4)
6.ಹೊಸ್ತಿಲಿನ ಮೇಲಿನ ಅಲಂಕಾರ(3)
7.ಗರಿಗಳಿಂದ ಕೂಡಿದ ಆಭರಣ(4)
8.ಹಸುವಿನ ಕರು(4)
9.ನೀರು ತುಂಬುವ ಪಾತ್ರೆ(3)
10.ಸಮುದ್ರದ ತೀರ(3)
11.ಪಕ್ಷಿಗಳ ರಾಜ(3)
12.ಜೇನುನೊಣದ ಮನೆ(3)
13.ಕಬ್ಬಿನಿಂದ ತಯಾರಿಸುವ ಪದಾರ್ಥ(3)
14.ಹಗಲು ಮತ್ತು ರಾತ್ರಿ(4)
15.ಮಳೆಗಾಲದ ಹಬ್ಬ(4)
16.ರಾಜನ ಆಸನ(3)
17.ತೋಟದಲ್ಲಿ ಬೆಳೆಯುವ ಹೂವು(3)
ಮೇಲಿನಿಂದ ಕೆಳಕ್ಕೆ
1.ದೇವಾಲಯದ ಗೋಪುರ(3)
2.ಆಕಾಶದಲ್ಲಿ ಹಾರುವ ಹಕ್ಕಿ(4)
3.ನದಿಯ ದಡ(3)
4.ಕಾಡಿನ ರಾಜ(4)
5.ಬೆಳಗಿನ ಸಮಯ(3)
6.ಹಾಲಿನಿಂದ ತಯಾರಿಸುವ ಪದಾರ್ಥ(3)
7.ಮನೆಯ ಮೇಲ್ಛಾವಣಿ(3)
8.ಸಂಗೀತ ವಾದ್ಯ(4)
9.ಚಂದ್ರನ ಬೆಳಕು(4)
10.ಹೊಲದಲ್ಲಿ ಬೆಳೆಯುವ ಧಾನ್ಯ(3)
11.ಪವಿತ್ರವಾದ ನದಿ(3)
12.ಶಾಲೆಯಲ್ಲಿ ಕಲಿಯುವವನು(4)
13.ಬಡತನದ ಸ್ಥಿತಿ(3)
14.ಸಿಹಿಯಾದ ಹಣ್ಣು(3)
15.ಮರದ ಬುಡದಲ್ಲಿ ಬೆಳೆಯುವ ಗಿಡ(4)
16.ಗಾಳಿಯಲ್ಲಿ ಹಾರುವ ಪಟ(3)
